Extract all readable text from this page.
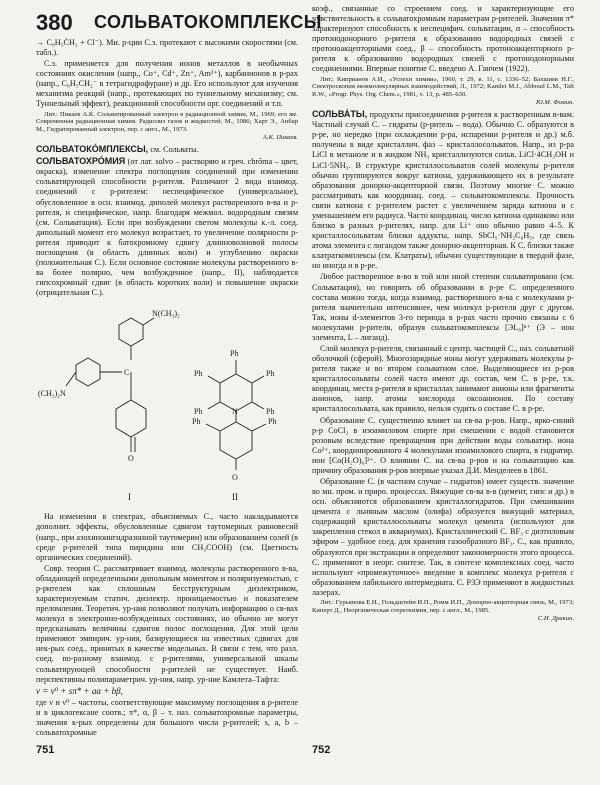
380 СОЛЬВАТОКОМПЛЕКСЫ

→ C₆H₅ĊH₂ + Cl⁻). Ми. р-ции С.э. протекают с высокими скоростями (см. табл.).

С.э. применяется для получения ионов металлов в необычных состояниях окисления (напр., Co⁺, Cd⁺, Zn⁺, Am²⁺), карбанионов в р-рах (напр., C₆H₅CH₂⁻ в тетрагидрофуране) и др. Его используют для изучения механизма реакций (напр., протекающих по туннельному механизму; см. Туннельный эффект), реакционной способности орг. соединений и т.п.

Лит.: Пикаев А.К. Сольватированный электрон в радиационной химии, М., 1969; его же. Современная радиационная химия. Радиолиз газов и жидкостей, М., 1986; Харт Э., Анбар М., Гидратированный электрон, пер. с англ., М., 1973.
А.К. Пикаев.

СОЛЬВАТОКО́МПЛЕКСЫ, см. Сольваты.

СОЛЬВАТОХРО́МИЯ (от лат. solvo – растворяю и греч. chrōma – цвет, окраска), изменение спектра поглощения соединений при изменении сольватирующей способности р-рителя. Различают 2 вида взаимод. соединений с р-рителем: неспецифическое (универсальное), обусловленное в осн. взаимод. диполей молекул растворенного в-ва и р-рителя, и специфическое, напр. благодаря межмол. водородным связям (см. Сольватация). Если при возбуждении светом молекулы к.-л. соед. дипольный момент его молекул возрастает, то увеличение полярности р-рителя приводит к батохромному сдвигу длинноволновой полосы поглощения (в область длинных волн) и углублению окраски (положительная С.). Если основное состояние молекулы растворенного в-ва более полярно, чем возбужденное (напр., II), наблюдается гипсохромный сдвиг (в область коротких волн) и повышение окраски (отрицательная С.).

N(CH₃)₂
(CH₃)₂N
C
O
Ph
Ph	Ph
Ph	Ph
Ph	Ph
N
O
I	II

На изменения в спектрах, объясняемых С., часто накладываются дополнит. эффекты, обусловленные сдвигом таутомерных равновесий (напр., при азохиноингидразонной таутомерии) или образованием солей (в среде р-рителей типа пиридина или CH₃COOH) (см. Цветность органических соединений).

Совр. теория С. рассматривает взаимод. молекулы растворенного в-ва, обладающей определенными дипольным моментом и поляризуемостью, с р-рителем как сплошным бесструктурным диэлектриком, характеризуемым статич. диэлектр. проницаемостью и показателем преломления. Теоретич. ур-ния позволяют получать информацию о св-вах молекул в электронно-возбужденных состояниях, но обычно не могут предсказывать величины сдвигов полос поглощения. Для этой цели применяют эмпирич. ур-ния, базирующиеся на известных сдвигах для нек-рых соед., принятых в качестве модельных. В связи с тем, что разл. соед. по-разному взаимод. с р-рителями, универсальной шкалы сольватирующей способности р-рителей не существует. Наиб. перспективны полипараметрич. ур-ния, напр. ур-ние Камлета–Тафта:

ν = ν⁰ + sπ* + aα + bβ,

где ν и ν⁰ – частоты, соответствующие максимуму поглощения в р-рителе и в циклогексане соотв.; π*, α, β – т. наз. сольватохромные параметры, значения к-рых определены для большого числа р-рителей; s, a, b – сольватохромные

коэф., связанные со строением соед. и характеризующие его чувствительность к сольватохромным параметрам р-рителей. Значения π* характеризуют способность к неспецифич. сольватации, α – способность протонодонорного р-рителя к образованию водородных связей с протоноакцепторными соед., β – способность протоноакцепторного р-рителя к образованию водородных связей с протонодонорными соединениями. Впервые понятие С. введено А. Ганчем (1922).

Лит.: Киприанов А.И., «Успехи химии», 1960, т. 29, в. 11, с. 1336–52; Бахшиев Н.Г., Спектроскопия межмолекулярных взаимодействий, Л., 1972; Kamlet M.J., Abboud L.M., Taft R.W., «Progr. Phys. Org. Chem.», 1981, v. 13, p. 485–630.
Ю.М. Фомин.

СОЛЬВА́ТЫ, продукты присоединения р-рителя к растворенным в-вам. Частный случай С. – гидраты (р-ритель – вода). Обычно С. образуются в р-ре, но нередко (при охлаждении р-ра, испарении р-рителя и др.) м.б. получены в виде кристаллич. фаз – кристаллосольватов. Напр., из р-ра LiCl в метаноле и в жидком NH₃ кристаллизуются сольв. LiCl·4CH₃OH и LiCl·5NH₃. В структуре кристаллосольватов солей молекулы р-рителя обычно группируются вокруг катиона, удерживающего их в результате образования донорно-акцепторной связи. Поэтому многие С. можно рассматривать как координац. соед. – сольватокомплексы. Прочность связи катиона с р-рителем растет с увеличением заряда катиона и с уменьшением его радиуса. Часто координац. число катиона одинаково или близко в разных р-рителях, напр. для Li⁺ оно обычно равно 4–5. К кристаллосольватам близки аддукты, напр. SbCl₅·NH₂C₆H₅, где связь атома элемента с лигандом также донорно-акцепторная. К С. близки также клатраткомплексы (см. Клатраты), обычно существующие в твердой фазе, но иногда и в р-ре.

Любое растворенное в-во в той или иной степени сольватировано (см. Сольватация), но говорить об образовании в р-ре С. определенного состава можно тогда, когда взаимод. растворенного в-ва с молекулами р-рителя значительно интенсивнее, чем молекул р-рителя друг с другом. Так, ионы d-элементов 3-го периода в р-рах часто прочно связаны с 6 молекулами р-рителя, образуя сольватокомплексы [ЭL₆]ⁿ⁺ (Э – ион элемента, L – лиганд).

Слой молекул р-рителя, связанный с центр. частицей С., наз. сольватной оболочкой (сферой). Многозарядные ионы могут удерживать молекулы р-рителя также и во втором сольватном слое. Выделяющиеся из р-ров кристаллосольваты солей часто имеют др. состав, чем С. в р-ре, т.к. координац. места р-рителя в кристаллах занимают анионы или фрагменты анионов, напр. атомы кислорода оксоанионов. По составу кристаллосольвата, как правило, нельзя судить о составе С. в р-ре.

Образование С. существенно влияет на св-ва р-ров. Напр., ярко-синий р-р CoCl₂ в изоамиловом спирте при смешении с водой становится розовым вследствие превращения при действии воды сольватир. иона Co²⁺, координированного 4 молекулами изоамилового спирта, в гидратир. ион [Co(H₂O)₆]²⁺. О влиянии С. на св-ва р-ров и на сольватацию как причину образования р-ров впервые указал Д.И. Менделеев в 1861.

Образование С. (в частном случае – гидратов) имеет существ. значение во мн. пром. и приро. процессах. Вяжущие св-ва в-в (цемент, гипс и др.) в осн. объясняются образованием кристаллогидратов. При смешивании цемента с льняным маслом (олифа) образуется вяжущий материал, содержащий кристаллосольваты молекул цемента (используют для закрепления стекол в аквариумах). Кристаллический С. BF₃ с диэтиловым эфиром – удобное соед. для хранения газообразного BF₃. С., как правило, образуются при экстракции и определяют закономерности этого процесса. С. применяют в неорг. синтезе. Так, в синтезе комплексных соед. часто используют «промежуточное» введение в комплекс молекул р-рителя с образованием лабильного интермедиата. С. РЗЭ применяют в жидкостных лазерах.

Лит.: Гурьянова Е.Н., Гольдштейн И.П., Ромм И.П., Донорно-акцепторная связь, М., 1973; Киперт Д., Неорганическая стереохимия, пер. с англ., М., 1985.
С.И. Дракин.

751	752
